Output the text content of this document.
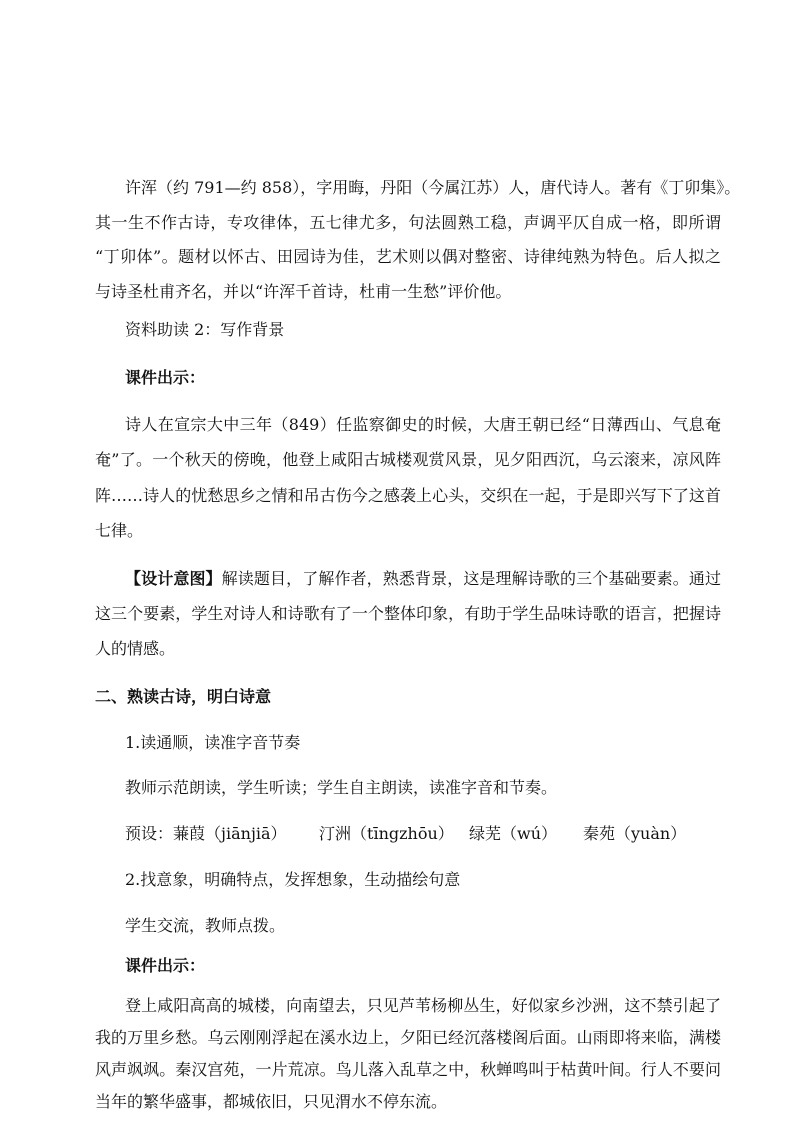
许浑（约 791—约 858），字用晦，丹阳（今属江苏）人，唐代诗人。著有《丁卯集》。
其一生不作古诗，专攻律体，五七律尤多，句法圆熟工稳，声调平仄自成一格，即所谓
“丁卯体”。题材以怀古、田园诗为佳，艺术则以偶对整密、诗律纯熟为特色。后人拟之
与诗圣杜甫齐名，并以“许浑千首诗，杜甫一生愁”评价他。
资料助读 2：写作背景
课件出示：
诗人在宣宗大中三年（849）任监察御史的时候，大唐王朝已经“日薄西山、气息奄
奄”了。一个秋天的傍晚，他登上咸阳古城楼观赏风景，见夕阳西沉，乌云滚来，凉风阵
阵……诗人的忧愁思乡之情和吊古伤今之感袭上心头，交织在一起，于是即兴写下了这首
七律。
【设计意图】解读题目，了解作者，熟悉背景，这是理解诗歌的三个基础要素。通过
这三个要素，学生对诗人和诗歌有了一个整体印象，有助于学生品味诗歌的语言，把握诗
人的情感。
二、熟读古诗，明白诗意
1.读通顺，读准字音节奏
教师示范朗读，学生听读；学生自主朗读，读准字音和节奏。
预设：蒹葭（jiānjiā） 汀洲（tīngzhōu） 绿芜（wú） 秦苑（yuàn）
2.找意象，明确特点，发挥想象，生动描绘句意
学生交流，教师点拨。
课件出示：
登上咸阳高高的城楼，向南望去，只见芦苇杨柳丛生，好似家乡沙洲，这不禁引起了
我的万里乡愁。乌云刚刚浮起在溪水边上，夕阳已经沉落楼阁后面。山雨即将来临，满楼
风声飒飒。秦汉宫苑，一片荒凉。鸟儿落入乱草之中，秋蝉鸣叫于枯黄叶间。行人不要问
当年的繁华盛事，都城依旧，只见渭水不停东流。
